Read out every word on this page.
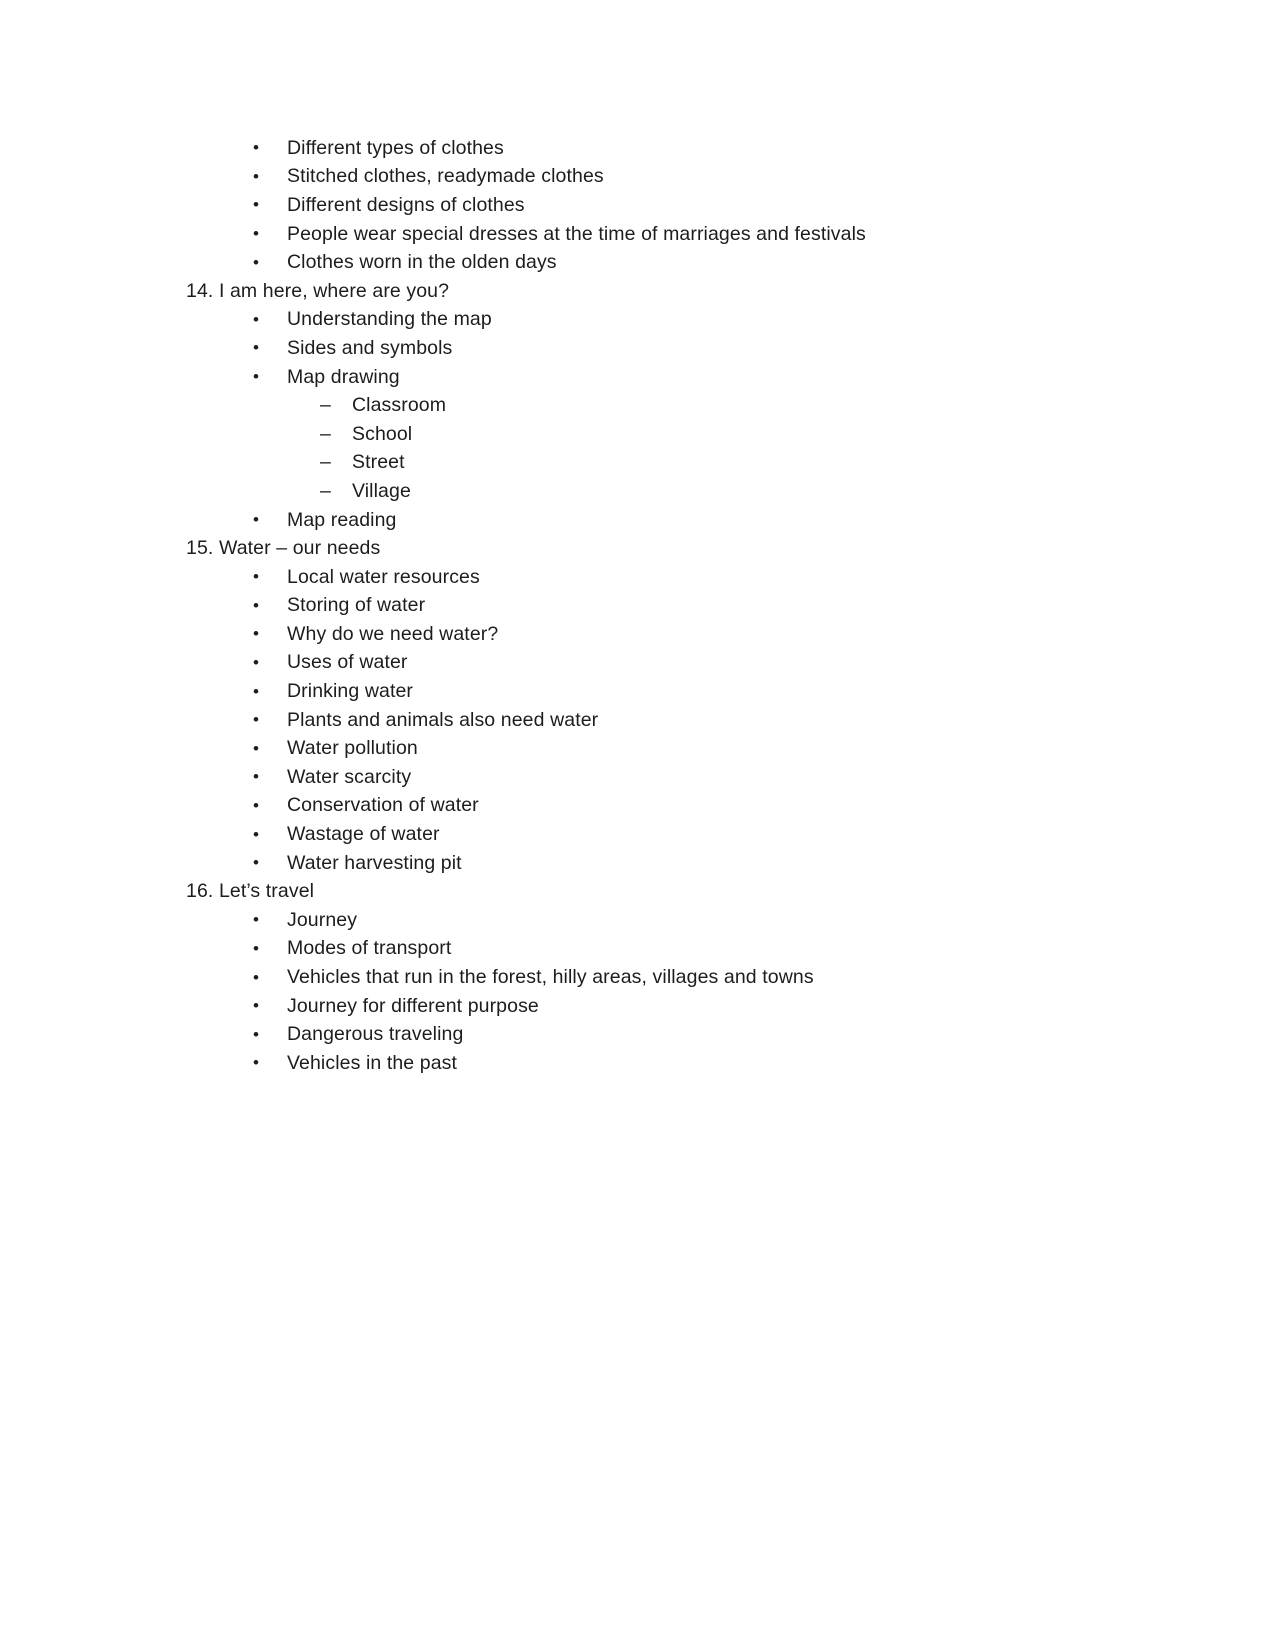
•	Different types of clothes
•	Stitched clothes, readymade clothes
•	Different designs of clothes
•	People wear special dresses at the time of marriages and festivals
•	Clothes worn in the olden days
14. I am here, where are you?
•	Understanding the map
•	Sides and symbols
•	Map drawing
–	Classroom
–	School
–	Street
–	Village
•	Map reading
15. Water – our needs
•	Local water resources
•	Storing of water
•	Why do we need water?
•	Uses of water
•	Drinking water
•	Plants and animals also need water
•	Water pollution
•	Water scarcity
•	Conservation of water
•	Wastage of water
•	Water harvesting pit
16. Let’s travel
•	Journey
•	Modes of transport
•	Vehicles that run in the forest, hilly areas, villages and towns
•	Journey for different purpose
•	Dangerous traveling
•	Vehicles in the past
